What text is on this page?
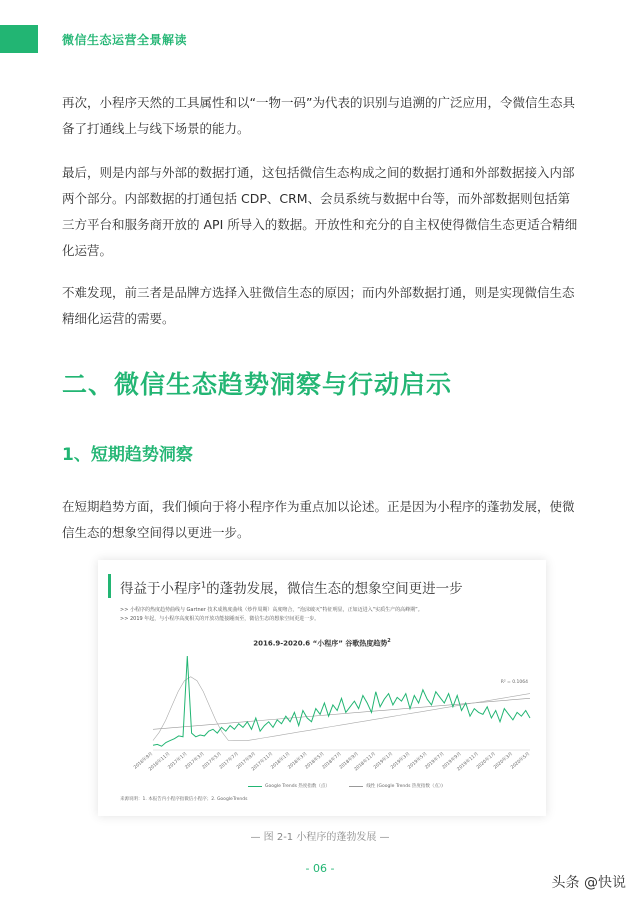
微信生态运营全景解读

再次，小程序天然的工具属性和以“一物一码”为代表的识别与追溯的广泛应用，令微信生态具备了打通线上与线下场景的能力。

最后，则是内部与外部的数据打通，这包括微信生态构成之间的数据打通和外部数据接入内部两个部分。内部数据的打通包括 CDP、CRM、会员系统与数据中台等，而外部数据则包括第三方平台和服务商开放的 API 所导入的数据。开放性和充分的自主权使得微信生态更适合精细化运营。

不难发现，前三者是品牌方选择入驻微信生态的原因；而内外部数据打通，则是实现微信生态精细化运营的需要。

二、微信生态趋势洞察与行动启示
1、短期趋势洞察

在短期趋势方面，我们倾向于将小程序作为重点加以论述。正是因为小程序的蓬勃发展，使微信生态的想象空间得以更进一步。

得益于小程序$^1$的蓬勃发展，微信生态的想象空间更进一步
>> 小程序的热度趋势曲线与 Gartner 技术成熟度曲线（炒作周期）高度吻合，“泡沫破灭”特征明显，正如迈进入“实质生产的高峰期”。
>> 2019 年起，与小程序高度相关的开放功能接踵而至，微信生态的想象空间更进一步。
2016.9-2020.6 “小程序” 谷歌热度趋势$^2$
R² = 0.1064
2016年9月
2016年11月
2017年1月
2017年3月
2017年5月
2017年7月
2017年9月
2017年11月
2018年1月
2018年3月
2018年5月
2018年7月
2018年9月
2018年11月
2019年1月
2019年3月
2019年5月
2019年7月
2019年9月
2019年11月
2020年1月
2020年3月
2020年5月
Google Trends 热度指数（点）	线性 (Google Trends 热度指数（点）)
来源说明：1. 本报告内小程序指微信小程序；2. GoogleTrends
— 图 2-1 小程序的蓬勃发展 —
- 06 -
头条 @快说
